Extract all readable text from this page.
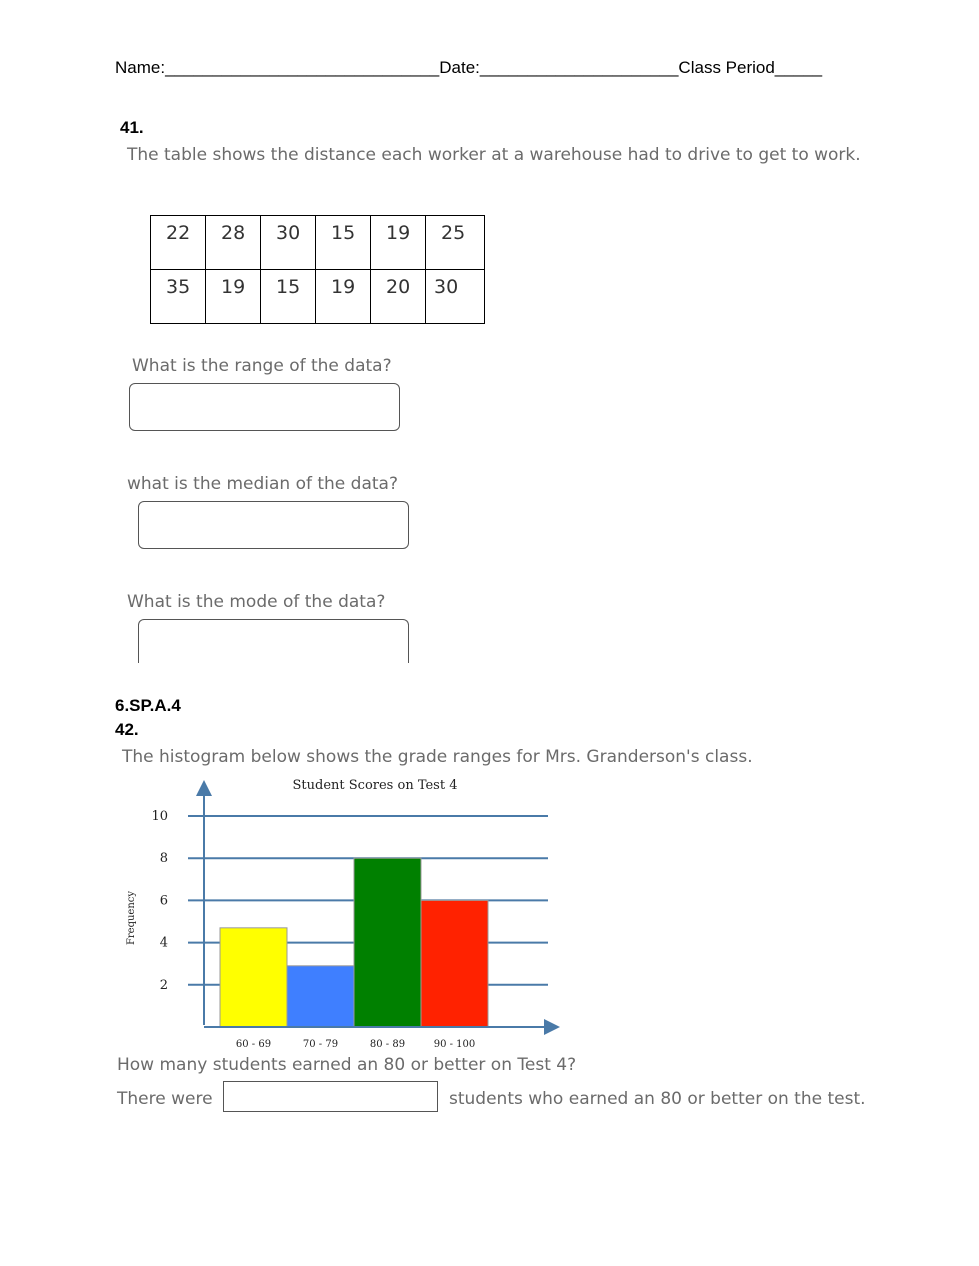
Name:_____________________________Date:_____________________Class Period_____
41.
The table shows the distance each worker at a warehouse had to drive to get to work.
22	28	30	15	19	25
35	19	15	19	20	30
What is the range of the data?
what is the median of the data?
What is the mode of the data?
6.SP.A.4
42.
The histogram below shows the grade ranges for Mrs. Granderson's class.
Student Scores on Test 4
Frequency
2
4
6
8
10
60 - 69	70 - 79	80 - 89	90 - 100
How many students earned an 80 or better on Test 4?
There were	students who earned an 80 or better on the test.
